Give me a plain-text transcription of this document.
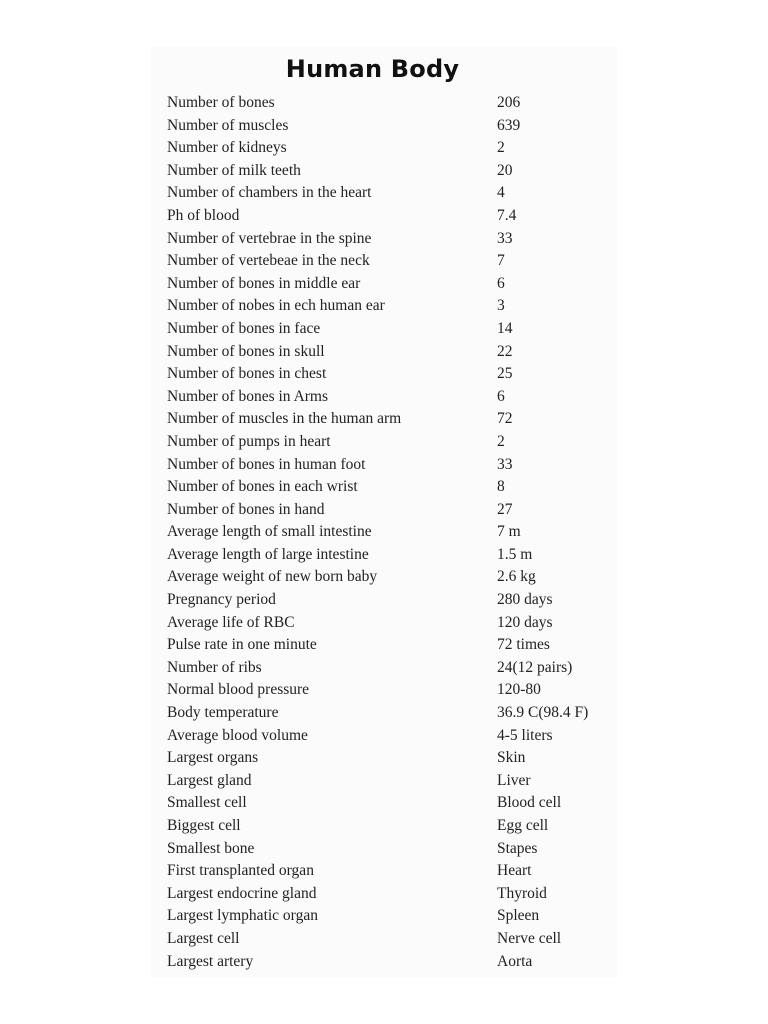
Human Body
Number of bones	206
Number of muscles	639
Number of kidneys	2
Number of milk teeth	20
Number of chambers in the heart	4
Ph of blood	7.4
Number of vertebrae in the spine	33
Number of vertebeae in the neck	7
Number of bones in middle ear	6
Number of nobes in ech human ear	3
Number of bones in face	14
Number of bones in skull	22
Number of bones in chest	25
Number of bones in Arms	6
Number of muscles in the human arm	72
Number of pumps in heart	2
Number of bones in human foot	33
Number of bones in each wrist	8
Number of bones in hand	27
Average length of small intestine	7 m
Average length of large intestine	1.5 m
Average weight of new born baby	2.6 kg
Pregnancy period	280 days
Average life of RBC	120 days
Pulse rate in one minute	72 times
Number of ribs	24(12 pairs)
Normal blood pressure	120-80
Body temperature	36.9 C(98.4 F)
Average blood volume	4-5 liters
Largest organs	Skin
Largest gland	Liver
Smallest cell	Blood cell
Biggest cell	Egg cell
Smallest bone	Stapes
First transplanted organ	Heart
Largest endocrine gland	Thyroid
Largest lymphatic organ	Spleen
Largest cell	Nerve cell
Largest artery	Aorta
